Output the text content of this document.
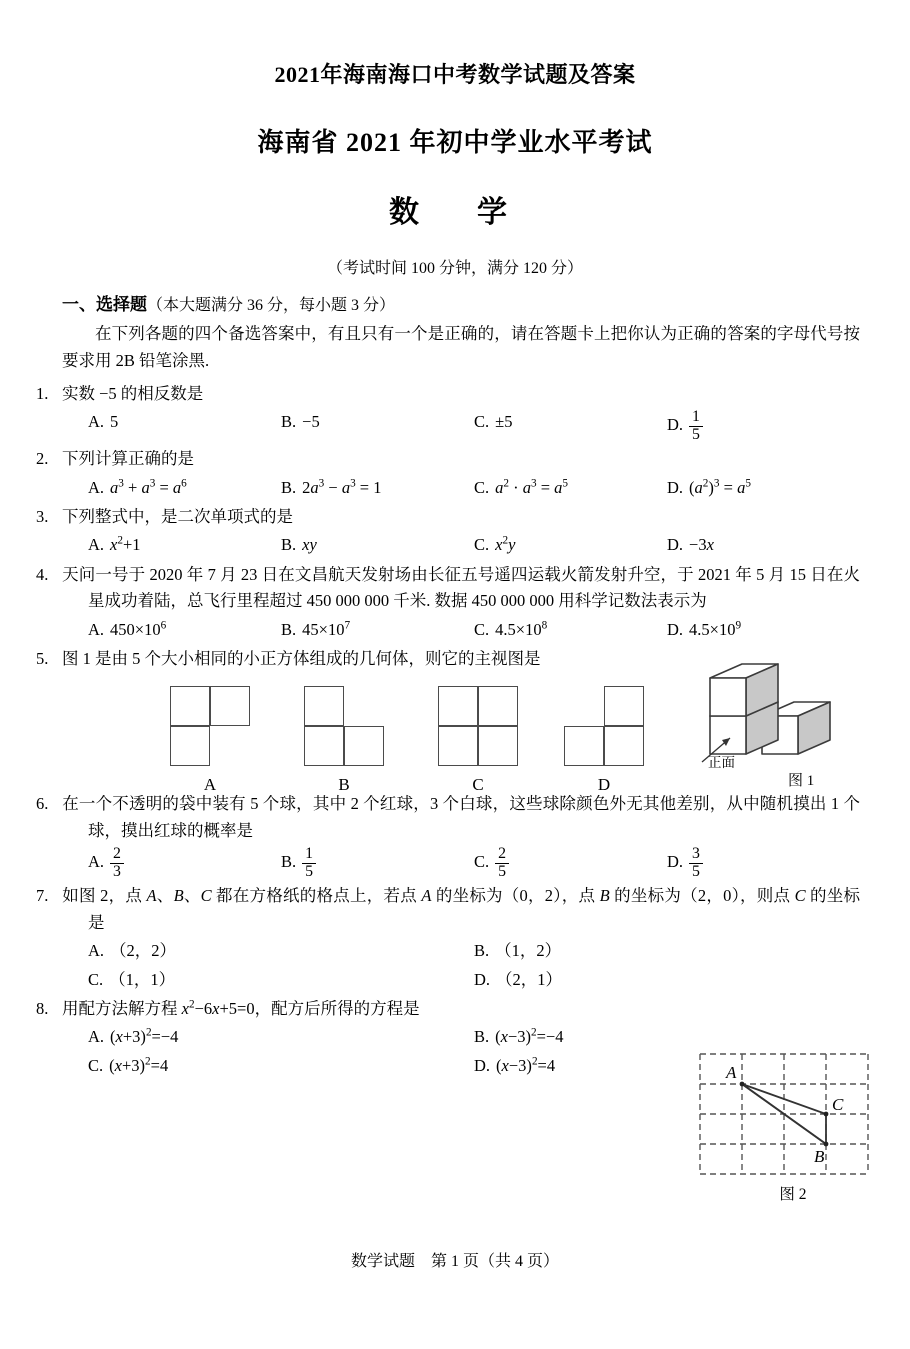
2021年海南海口中考数学试题及答案
海南省 2021 年初中学业水平考试
数　学
（考试时间 100 分钟，满分 120 分）
一、选择题（本大题满分 36 分，每小题 3 分）
在下列各题的四个备选答案中，有且只有一个是正确的，请在答题卡上把你认为正确的答案的字母代号按要求用 2B 铅笔涂黑.
1. 实数 −5 的相反数是
A. 5	B. −5	C. ±5	D. $\frac{1}{5}$
2. 下列计算正确的是
A. $a^3 + a^3 = a^6$	B. $2a^3 - a^3 = 1$	C. $a^2 \cdot a^3 = a^5$	D. $(a^2)^3 = a^5$
3. 下列整式中，是二次单项式的是
A. $x^2+1$	B. xy	C. $x^2y$	D. −3x
4. 天问一号于 2020 年 7 月 23 日在文昌航天发射场由长征五号遥四运载火箭发射升空，于 2021 年 5 月 15 日在火星成功着陆，总飞行里程超过 450 000 000 千米. 数据 450 000 000 用科学记数法表示为
A. $450\times 10^6$	B. $45\times 10^7$	C. $4.5\times 10^8$	D. $4.5\times 10^9$
5. 图 1 是由 5 个大小相同的小正方体组成的几何体，则它的主视图是
A	B	C	D
正面
图 1
6. 在一个不透明的袋中装有 5 个球，其中 2 个红球，3 个白球，这些球除颜色外无其他差别，从中随机摸出 1 个球，摸出红球的概率是
A. $\frac{2}{3}$	B. $\frac{1}{5}$	C. $\frac{2}{5}$	D. $\frac{3}{5}$
7. 如图 2，点 A、B、C 都在方格纸的格点上，若点 A 的坐标为（0，2），点 B 的坐标为（2，0），则点 C 的坐标是
A. （2，2）	B. （1，2）
C. （1，1）	D. （2，1）
8. 用配方法解方程 $x^2-6x+5=0$，配方后所得的方程是
A. $(x+3)^2=-4$	B. $(x-3)^2=-4$
C. $(x+3)^2=4$	D. $(x-3)^2=4$	A
C
B
图 2
数学试题　第 1 页（共 4 页）
